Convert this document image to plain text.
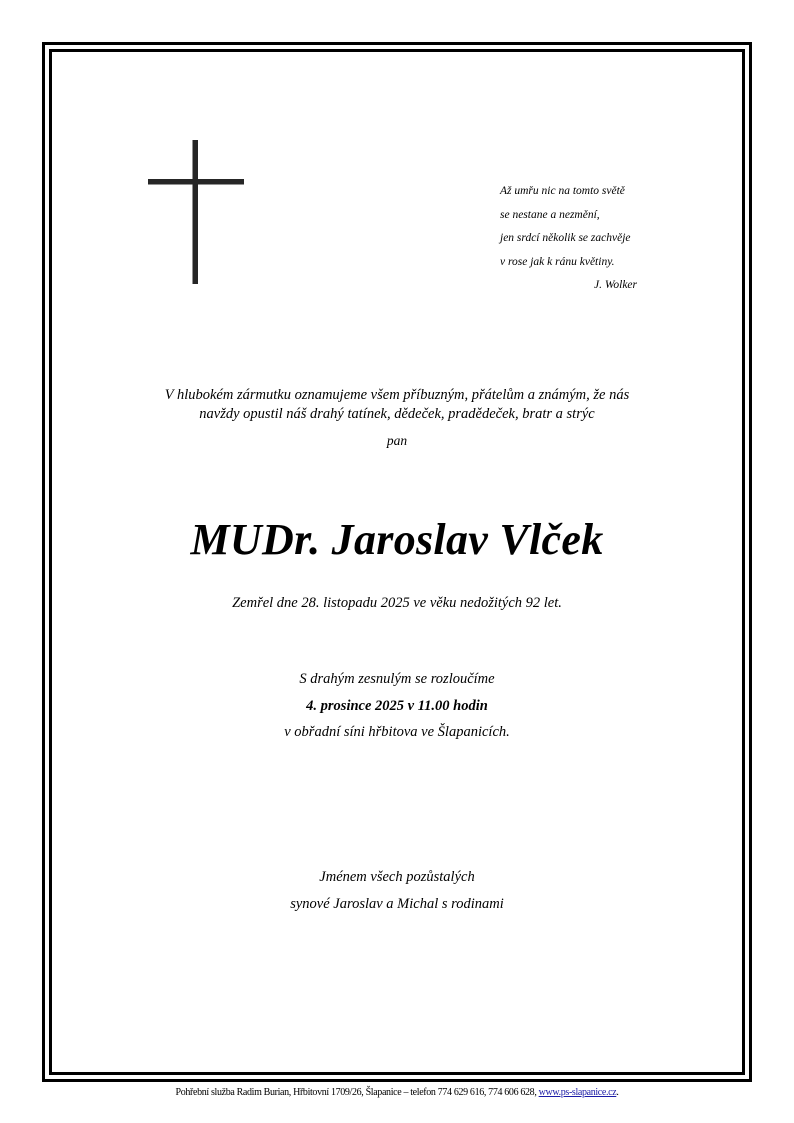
Až umřu nic na tomto světě
se nestane a nezmění,
jen srdcí několik se zachvěje
v rose jak k ránu květiny.
J. Wolker
V hlubokém zármutku oznamujeme všem příbuzným, přátelům a známým, že nás
navždy opustil náš drahý tatínek, dědeček, pradědeček, bratr a strýc
pan
MUDr. Jaroslav Vlček
Zemřel dne 28. listopadu 2025 ve věku nedožitých 92 let.
S drahým zesnulým se rozloučíme
4. prosince 2025 v 11.00 hodin
v obřadní síni hřbitova ve Šlapanicích.
Jménem všech pozůstalých
synové Jaroslav a Michal s rodinami
Pohřební služba Radim Burian, Hřbitovní 1709/26, Šlapanice – telefon 774 629 616, 774 606 628, www.ps-slapanice.cz.
